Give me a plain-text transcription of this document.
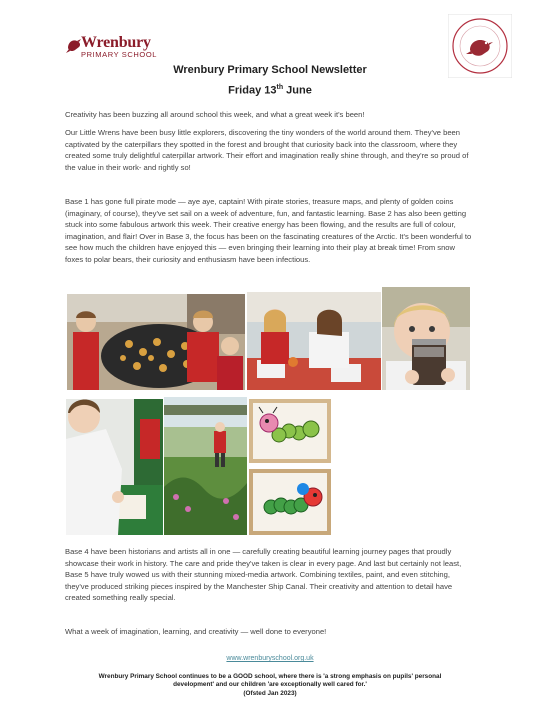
Wrenbury
PRIMARY SCHOOL
Wrenbury Primary School Newsletter
Friday 13th June

Creativity has been buzzing all around school this week, and what a great week it's been!

Our Little Wrens have been busy little explorers, discovering the tiny wonders of the world around them. They've been captivated by the caterpillars they spotted in the forest and brought that curiosity back into the classroom, where they created some truly delightful caterpillar artwork. Their effort and imagination really shine through, and they're so proud of the value in their work- and rightly so!

Base 1 has gone full pirate mode — aye aye, captain! With pirate stories, treasure maps, and plenty of golden coins (imaginary, of course), they've set sail on a week of adventure, fun, and fantastic learning. Base 2 has also been getting stuck into some fabulous artwork this week. Their creative energy has been flowing, and the results are full of colour, imagination, and flair! Over in Base 3, the focus has been on the fascinating creatures of the Arctic. It's been wonderful to see how much the children have enjoyed this — even bringing their learning into their play at break time! From snow foxes to polar bears, their curiosity and enthusiasm have been infectious.

Base 4 have been historians and artists all in one — carefully creating beautiful learning journey pages that proudly showcase their work in history. The care and pride they've taken is clear in every page. And last but certainly not least, Base 5 have truly wowed us with their stunning mixed-media artwork. Combining textiles, paint, and even stitching, they've produced striking pieces inspired by the Manchester Ship Canal. Their creativity and attention to detail have created something really special.

What a week of imagination, learning, and creativity — well done to everyone!

www.wrenburyschool.org.uk
Wrenbury Primary School continues to be a GOOD school, where there is 'a strong emphasis on pupils' personal
development' and our children 'are exceptionally well cared for.'
(Ofsted Jan 2023)
